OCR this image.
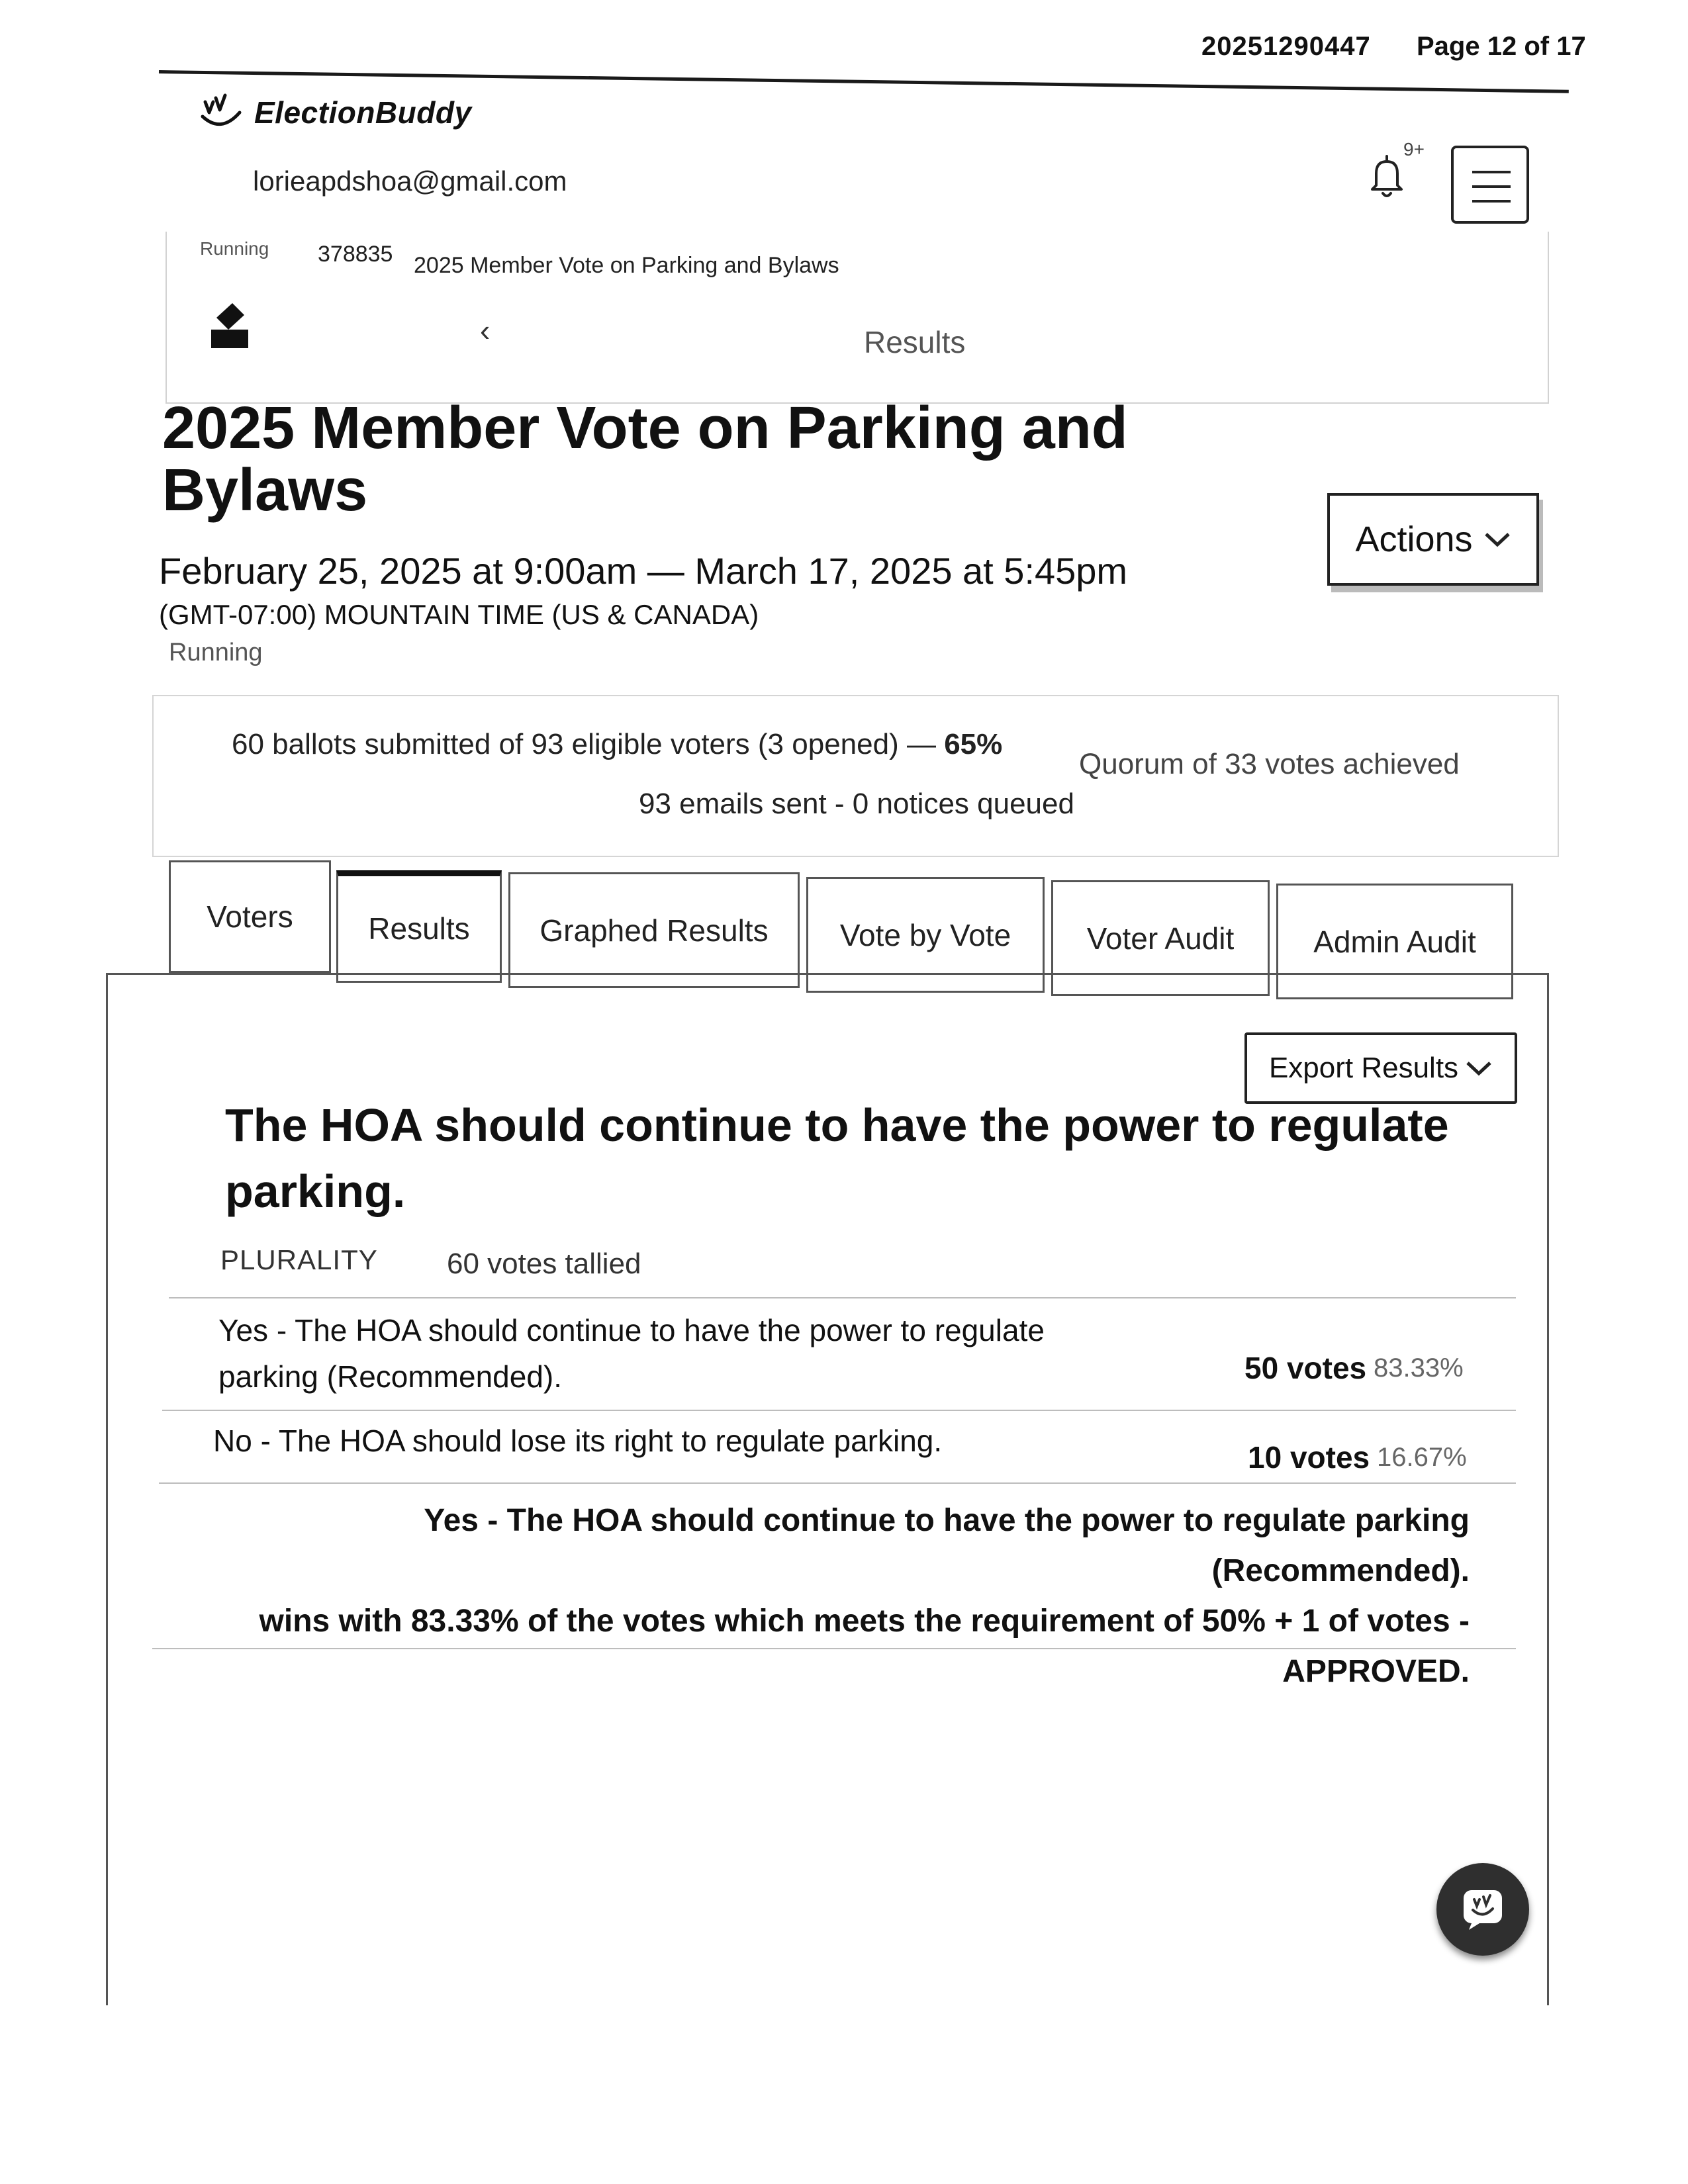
20251290447 Page 12 of 17
ElectionBuddy
lorieapdshoa@gmail.com
9+
Running 378835 2025 Member Vote on Parking and Bylaws
‹	Results
2025 Member Vote on Parking and Bylaws
February 25, 2025 at 9:00am — March 17, 2025 at 5:45pm
(GMT-07:00) MOUNTAIN TIME (US & CANADA)
Running
Actions
60 ballots submitted of 93 eligible voters (3 opened) — 65%
Quorum of 33 votes achieved
93 emails sent - 0 notices queued
Voters Results Graphed Results Vote by Vote Voter Audit	Admin Audit
Export Results
The HOA should continue to have the power to regulate parking.
PLURALITY 60 votes tallied
Yes - The HOA should continue to have the power to regulate parking (Recommended).	50 votes 83.33%
No - The HOA should lose its right to regulate parking.	10 votes 16.67%
Yes - The HOA should continue to have the power to regulate parking (Recommended).
wins with 83.33% of the votes which meets the requirement of 50% + 1 of votes -
APPROVED.
